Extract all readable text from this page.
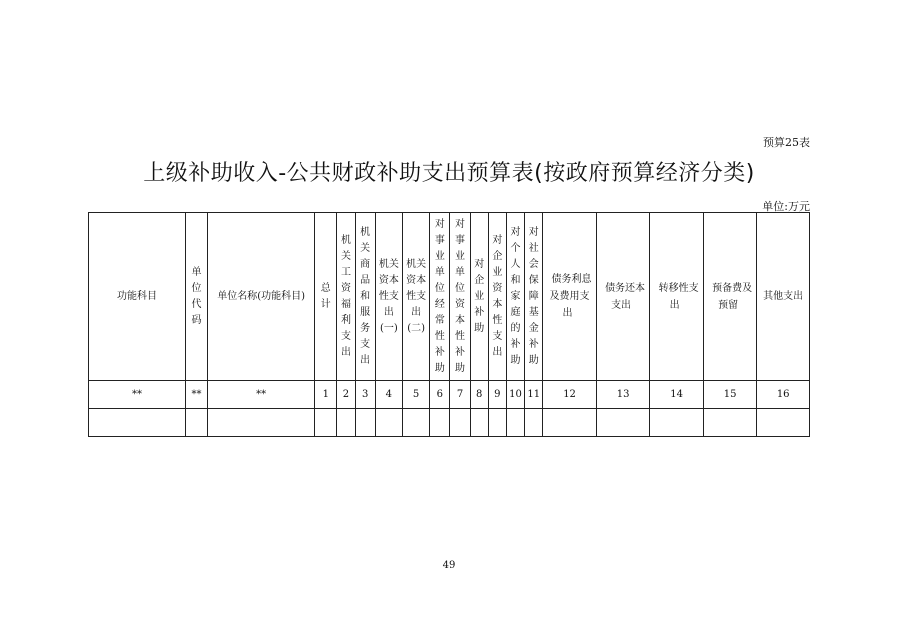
预算25表
上级补助收入-公共财政补助支出预算表(按政府预算经济分类)
单位:万元
功能科目	单位代码	单位名称(功能科目)	总计	机关工资福利支出	机关商品和服务支出	机关资本性支出(一)	机关资本性支出(二)	对事业单位经常性补助	对事业单位资本性补助	对企业补助	对企业资本性支出	对个人和家庭的补助	对社会保障基金补助	债务利息及费用支出	债务还本支出	转移性支出	预备费及预留	其他支出
**	**	**	1	2	3	4	5	6	7	8	9	10	11	12	13	14	15	16

49
